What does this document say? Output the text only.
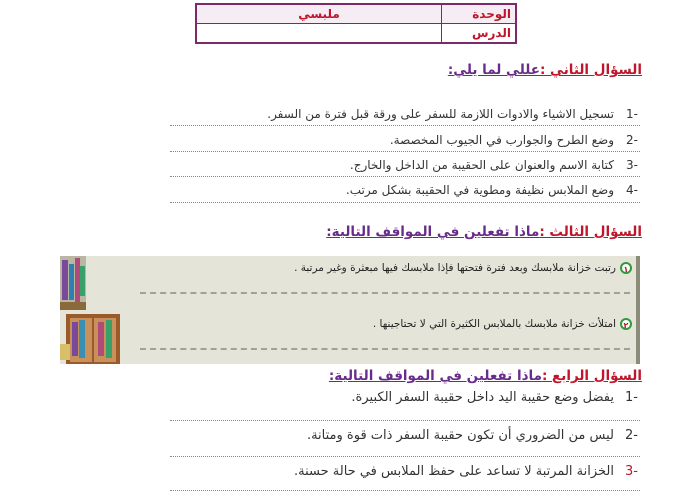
الوحدة
ملبسي
الدرس
السؤال الثاني :عللي لما يلي:
-1تسجيل الاشياء والادوات اللازمة للسفر على ورقة قبل فترة من السفر.
-2وضع الطرح والجوارب في الجيوب المخصصة.
-3كتابة الاسم والعنوان على الحقيبة من الداخل والخارج.
-4وضع الملابس نظيفة ومطوية في الحقيبة بشكل مرتب.
السؤال الثالث :ماذا تفعلين في المواقف التالية:
١رتبت خزانة ملابسك وبعد فترة فتحتها فإذا ملابسك فيها مبعثرة وغير مرتبة .
٢امتلأت خزانة ملابسك بالملابس الكثيرة التي لا تحتاجينها .
السؤال الرابع :ماذا تفعلين في المواقف التالية:
-1يفضل وضع حقيبة اليد داخل حقيبة السفر الكبيرة.
-2ليس من الضروري أن تكون حقيبة السفر ذات قوة ومتانة.
-3الخزانة المرتبة لا تساعد على حفظ الملابس في حالة حسنة.
